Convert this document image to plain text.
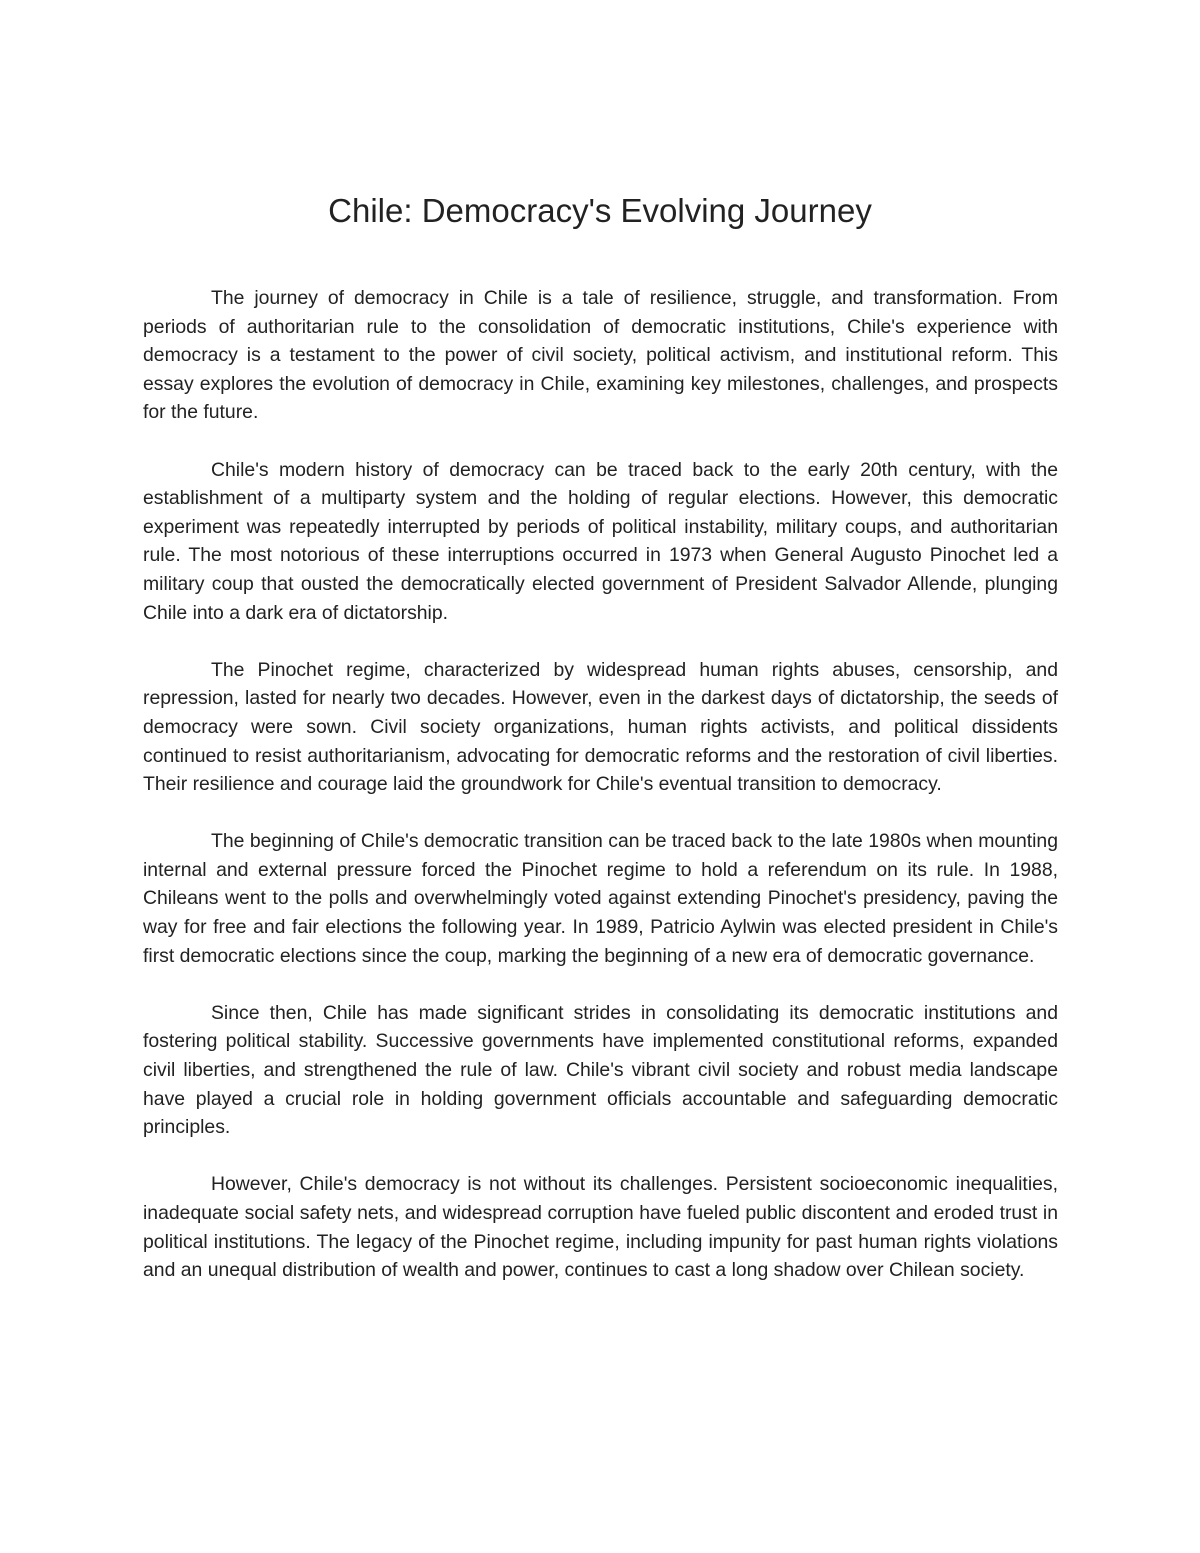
Chile: Democracy's Evolving Journey

The journey of democracy in Chile is a tale of resilience, struggle, and transformation. From periods of authoritarian rule to the consolidation of democratic institutions, Chile's experience with democracy is a testament to the power of civil society, political activism, and institutional reform. This essay explores the evolution of democracy in Chile, examining key milestones, challenges, and prospects for the future.

Chile's modern history of democracy can be traced back to the early 20th century, with the establishment of a multiparty system and the holding of regular elections. However, this democratic experiment was repeatedly interrupted by periods of political instability, military coups, and authoritarian rule. The most notorious of these interruptions occurred in 1973 when General Augusto Pinochet led a military coup that ousted the democratically elected government of President Salvador Allende, plunging Chile into a dark era of dictatorship.

The Pinochet regime, characterized by widespread human rights abuses, censorship, and repression, lasted for nearly two decades. However, even in the darkest days of dictatorship, the seeds of democracy were sown. Civil society organizations, human rights activists, and political dissidents continued to resist authoritarianism, advocating for democratic reforms and the restoration of civil liberties. Their resilience and courage laid the groundwork for Chile's eventual transition to democracy.

The beginning of Chile's democratic transition can be traced back to the late 1980s when mounting internal and external pressure forced the Pinochet regime to hold a referendum on its rule. In 1988, Chileans went to the polls and overwhelmingly voted against extending Pinochet's presidency, paving the way for free and fair elections the following year. In 1989, Patricio Aylwin was elected president in Chile's first democratic elections since the coup, marking the beginning of a new era of democratic governance.

Since then, Chile has made significant strides in consolidating its democratic institutions and fostering political stability. Successive governments have implemented constitutional reforms, expanded civil liberties, and strengthened the rule of law. Chile's vibrant civil society and robust media landscape have played a crucial role in holding government officials accountable and safeguarding democratic principles.

However, Chile's democracy is not without its challenges. Persistent socioeconomic inequalities, inadequate social safety nets, and widespread corruption have fueled public discontent and eroded trust in political institutions. The legacy of the Pinochet regime, including impunity for past human rights violations and an unequal distribution of wealth and power, continues to cast a long shadow over Chilean society.
